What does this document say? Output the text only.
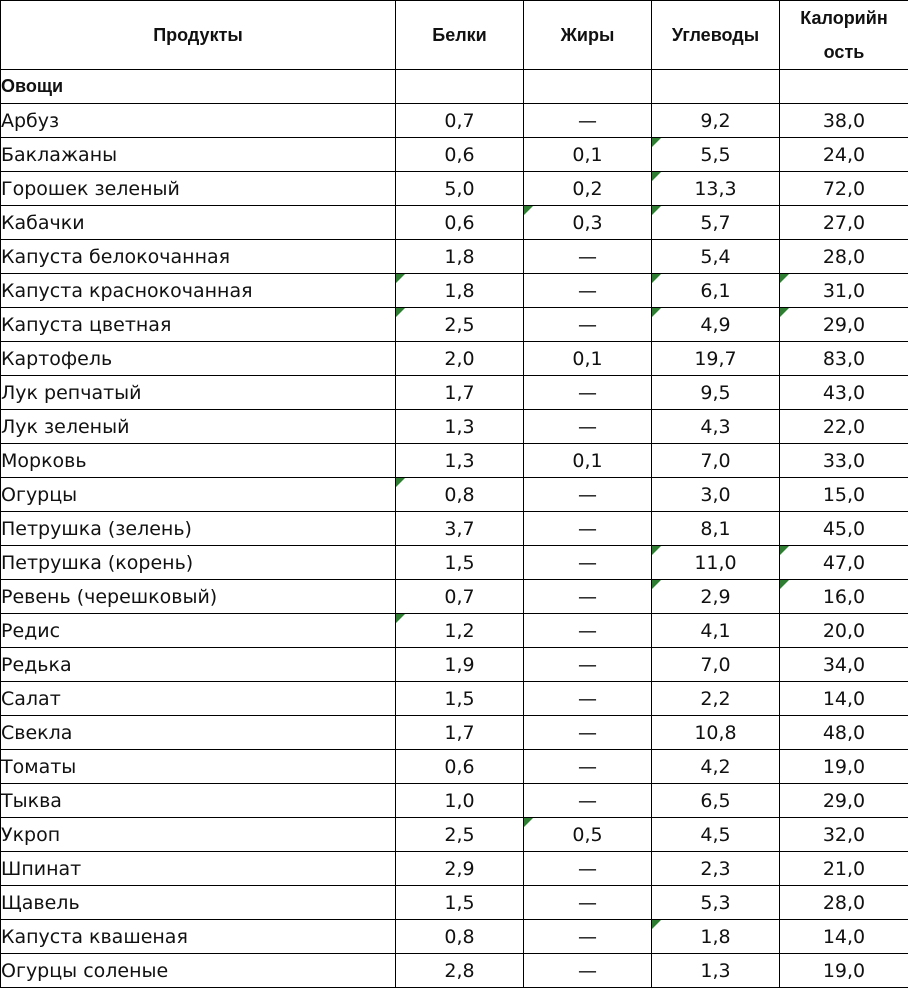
Продукты	Белки	Жиры	Углеводы	Калорийн
ость
Овощи				
Арбуз	0,7	—	9,2	38,0
Баклажаны	0,6	0,1	5,5	24,0
Горошек зеленый	5,0	0,2	13,3	72,0
Кабачки	0,6	0,3	5,7	27,0
Капуста белокочанная	1,8	—	5,4	28,0
Капуста краснокочанная	1,8	—	6,1	31,0
Капуста цветная	2,5	—	4,9	29,0
Картофель	2,0	0,1	19,7	83,0
Лук репчатый	1,7	—	9,5	43,0
Лук зеленый	1,3	—	4,3	22,0
Морковь	1,3	0,1	7,0	33,0
Огурцы	0,8	—	3,0	15,0
Петрушка (зелень)	3,7	—	8,1	45,0
Петрушка (корень)	1,5	—	11,0	47,0
Ревень (черешковый)	0,7	—	2,9	16,0
Редис	1,2	—	4,1	20,0
Редька	1,9	—	7,0	34,0
Салат	1,5	—	2,2	14,0
Свекла	1,7	—	10,8	48,0
Томаты	0,6	—	4,2	19,0
Тыква	1,0	—	6,5	29,0
Укроп	2,5	0,5	4,5	32,0
Шпинат	2,9	—	2,3	21,0
Щавель	1,5	—	5,3	28,0
Капуста квашеная	0,8	—	1,8	14,0
Огурцы соленые	2,8	—	1,3	19,0
